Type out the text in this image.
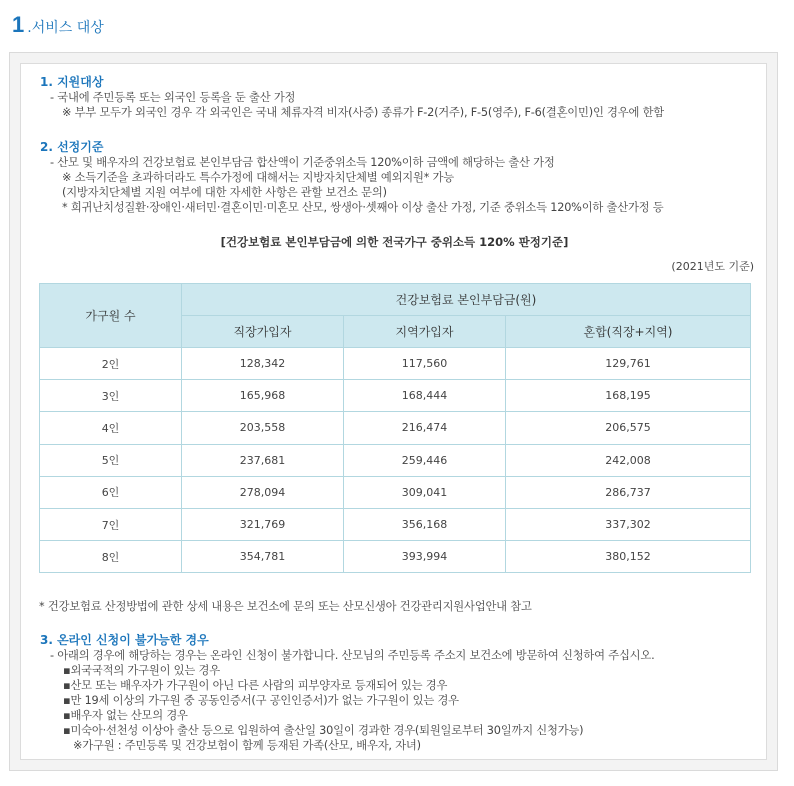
1 .서비스 대상
1. 지원대상
- 국내에 주민등록 또는 외국인 등록을 둔 출산 가정
※ 부부 모두가 외국인 경우 각 외국인은 국내 체류자격 비자(사증) 종류가 F-2(거주), F-5(영주), F-6(결혼이민)인 경우에 한함
2. 선정기준
- 산모 및 배우자의 건강보험료 본인부담금 합산액이 기준중위소득 120%이하 금액에 해당하는 출산 가정
※ 소득기준을 초과하더라도 특수가정에 대해서는 지방자치단체별 예외지원* 가능
(지방자치단체별 지원 여부에 대한 자세한 사항은 관할 보건소 문의)
* 희귀난치성질환·장애인·새터민·결혼이민·미혼모 산모, 쌍생아·셋째아 이상 출산 가정, 기준 중위소득 120%이하 출산가정 등
[건강보험료 본인부담금에 의한 전국가구 중위소득 120% 판정기준]
(2021년도 기준)
가구원 수	건강보험료 본인부담금(원)		
	직장가입자	지역가입자	혼합(직장+지역)
2인	128,342	117,560	129,761
3인	165,968	168,444	168,195
4인	203,558	216,474	206,575
5인	237,681	259,446	242,008
6인	278,094	309,041	286,737
7인	321,769	356,168	337,302
8인	354,781	393,994	380,152
* 건강보험료 산정방법에 관한 상세 내용은 보건소에 문의 또는 산모신생아 건강관리지원사업안내 참고
3. 온라인 신청이 불가능한 경우
- 아래의 경우에 해당하는 경우는 온라인 신청이 불가합니다. 산모님의 주민등록 주소지 보건소에 방문하여 신청하여 주십시오.
▪외국국적의 가구원이 있는 경우
▪산모 또는 배우자가 가구원이 아닌 다른 사람의 피부양자로 등재되어 있는 경우
▪만 19세 이상의 가구원 중 공동인증서(구 공인인증서)가 없는 가구원이 있는 경우
▪배우자 없는 산모의 경우
▪미숙아·선천성 이상아 출산 등으로 입원하여 출산일 30일이 경과한 경우(퇴원일로부터 30일까지 신청가능)
※가구원 : 주민등록 및 건강보험이 함께 등재된 가족(산모, 배우자, 자녀)
